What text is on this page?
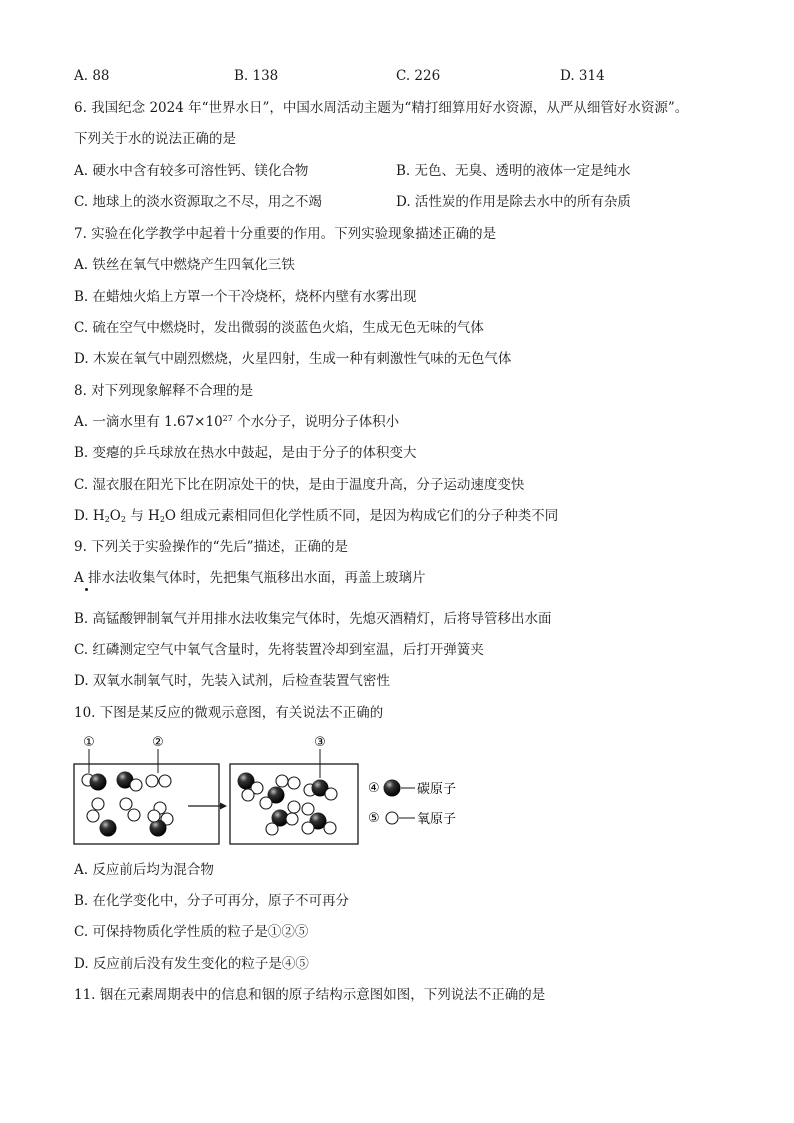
A. 88	B. 138	C. 226	D. 314
6. 我国纪念 2024 年“世界水日”，中国水周活动主题为“精打细算用好水资源，从严从细管好水资源”。
下列关于水的说法正确的是
A. 硬水中含有较多可溶性钙、镁化合物	B. 无色、无臭、透明的液体一定是纯水
C. 地球上的淡水资源取之不尽，用之不竭	D. 活性炭的作用是除去水中的所有杂质
7. 实验在化学教学中起着十分重要的作用。下列实验现象描述正确的是
A. 铁丝在氧气中燃烧产生四氧化三铁
B. 在蜡烛火焰上方罩一个干冷烧杯，烧杯内壁有水雾出现
C. 硫在空气中燃烧时，发出微弱的淡蓝色火焰，生成无色无味的气体
D. 木炭在氧气中剧烈燃烧，火星四射，生成一种有刺激性气味的无色气体
8. 对下列现象解释不合理的是
A. 一滴水里有 $1.67\times 10^{27}$ 个水分子，说明分子体积小
B. 变瘪的乒乓球放在热水中鼓起，是由于分子的体积变大
C. 湿衣服在阳光下比在阴凉处干的快，是由于温度升高，分子运动速度变快
D. $H_2O_2$ 与 $H_2O$ 组成元素相同但化学性质不同，是因为构成它们的分子种类不同
9. 下列关于实验操作的“先后”描述，正确的是
A 排水法收集气体时，先把集气瓶移出水面，再盖上玻璃片
B. 高锰酸钾制氧气并用排水法收集完气体时，先熄灭酒精灯，后将导管移出水面
C. 红磷测定空气中氧气含量时，先将装置冷却到室温，后打开弹簧夹
D. 双氧水制氧气时，先装入试剂，后检查装置气密性
10. 下图是某反应的微观示意图，有关说法不正确的
①	②	③
④	碳原子
⑤	氧原子
A. 反应前后均为混合物
B. 在化学变化中，分子可再分，原子不可再分
C. 可保持物质化学性质的粒子是①②⑤
D. 反应前后没有发生变化的粒子是④⑤
11. 铟在元素周期表中的信息和铟的原子结构示意图如图，下列说法不正确的是
